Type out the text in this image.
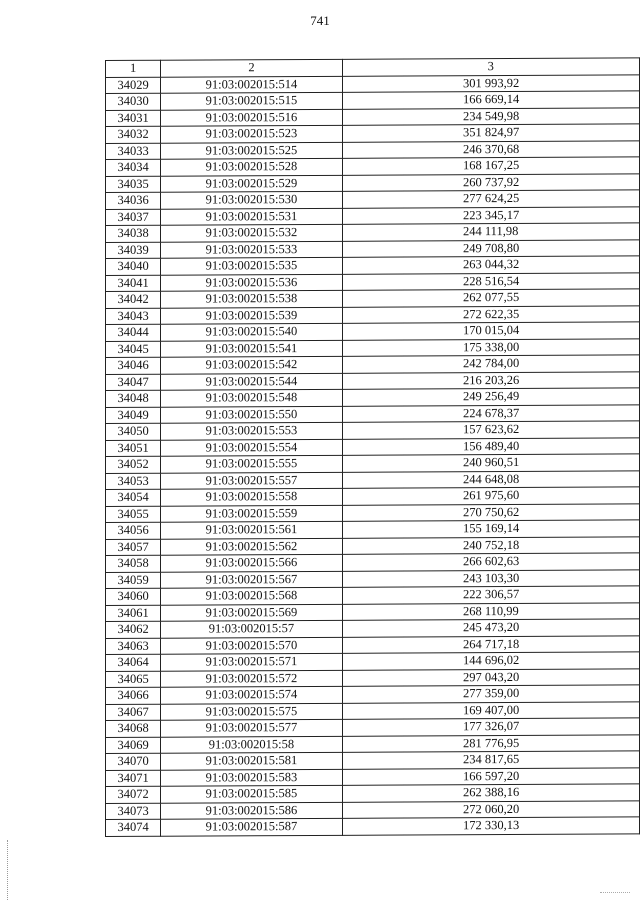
741
1	2	3
34029	91:03:002015:514	301 993,92
34030	91:03:002015:515	166 669,14
34031	91:03:002015:516	234 549,98
34032	91:03:002015:523	351 824,97
34033	91:03:002015:525	246 370,68
34034	91:03:002015:528	168 167,25
34035	91:03:002015:529	260 737,92
34036	91:03:002015:530	277 624,25
34037	91:03:002015:531	223 345,17
34038	91:03:002015:532	244 111,98
34039	91:03:002015:533	249 708,80
34040	91:03:002015:535	263 044,32
34041	91:03:002015:536	228 516,54
34042	91:03:002015:538	262 077,55
34043	91:03:002015:539	272 622,35
34044	91:03:002015:540	170 015,04
34045	91:03:002015:541	175 338,00
34046	91:03:002015:542	242 784,00
34047	91:03:002015:544	216 203,26
34048	91:03:002015:548	249 256,49
34049	91:03:002015:550	224 678,37
34050	91:03:002015:553	157 623,62
34051	91:03:002015:554	156 489,40
34052	91:03:002015:555	240 960,51
34053	91:03:002015:557	244 648,08
34054	91:03:002015:558	261 975,60
34055	91:03:002015:559	270 750,62
34056	91:03:002015:561	155 169,14
34057	91:03:002015:562	240 752,18
34058	91:03:002015:566	266 602,63
34059	91:03:002015:567	243 103,30
34060	91:03:002015:568	222 306,57
34061	91:03:002015:569	268 110,99
34062	91:03:002015:57	245 473,20
34063	91:03:002015:570	264 717,18
34064	91:03:002015:571	144 696,02
34065	91:03:002015:572	297 043,20
34066	91:03:002015:574	277 359,00
34067	91:03:002015:575	169 407,00
34068	91:03:002015:577	177 326,07
34069	91:03:002015:58	281 776,95
34070	91:03:002015:581	234 817,65
34071	91:03:002015:583	166 597,20
34072	91:03:002015:585	262 388,16
34073	91:03:002015:586	272 060,20
34074	91:03:002015:587	172 330,13
